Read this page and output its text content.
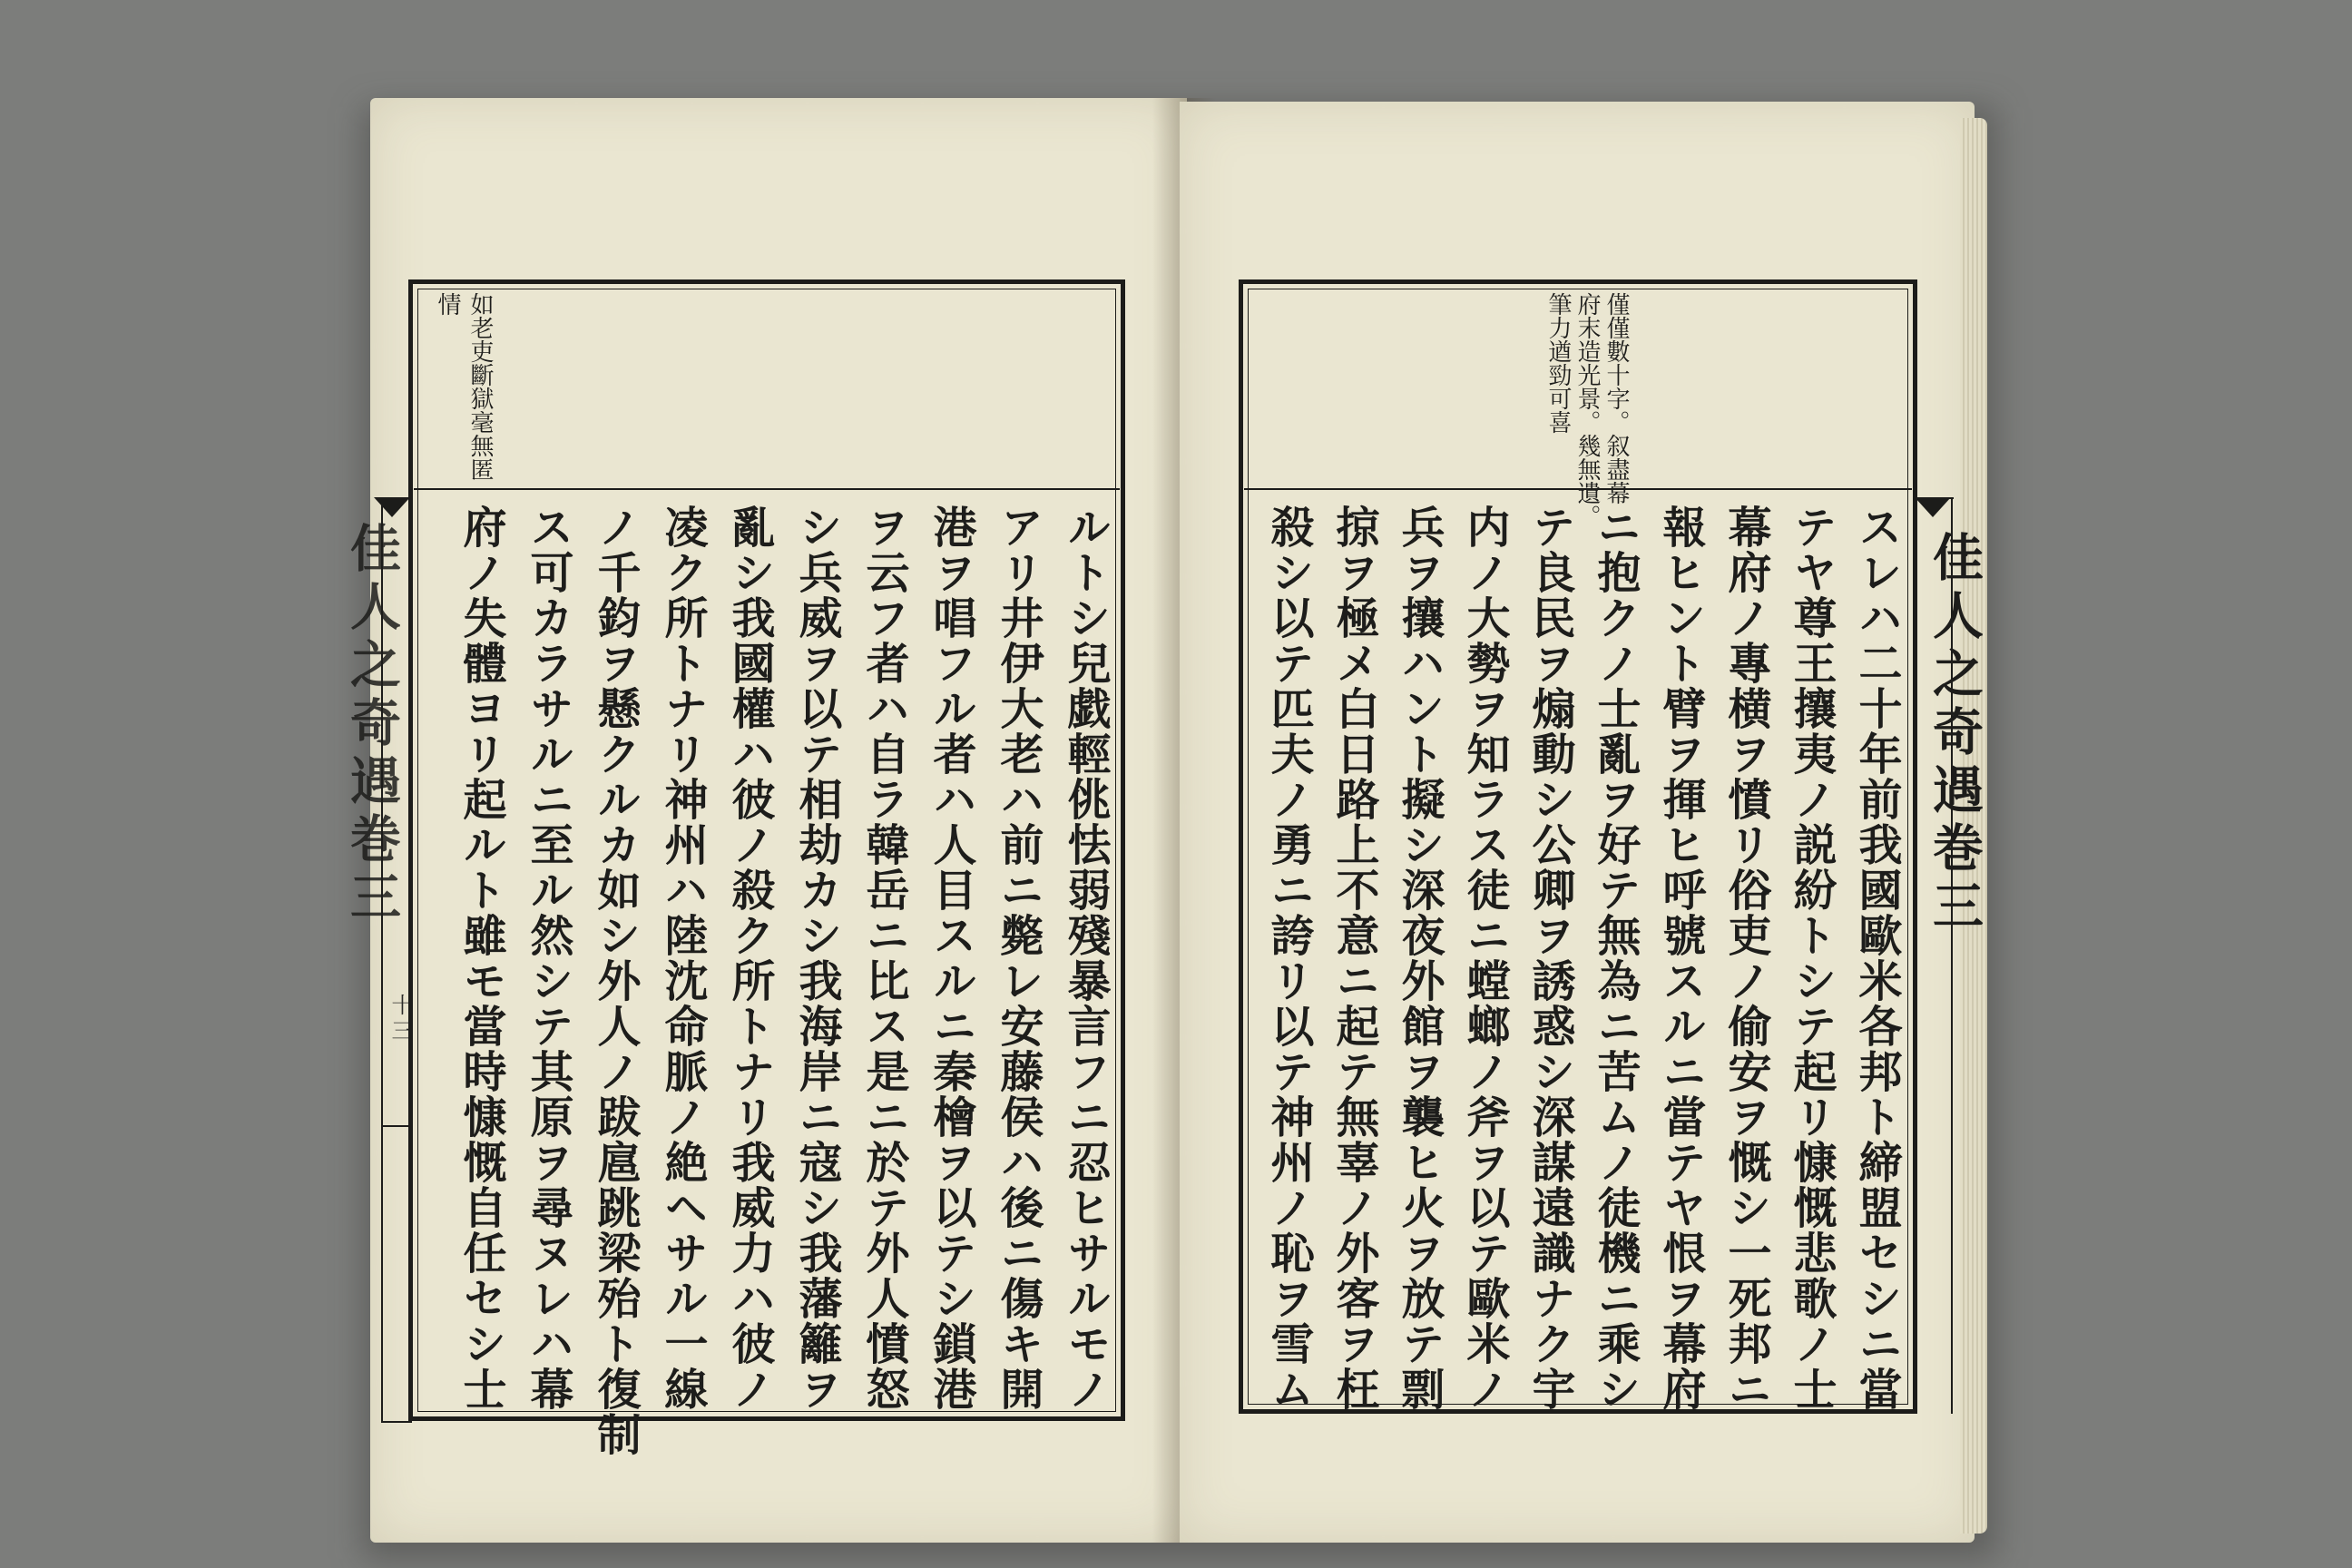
佳人之奇遇巻三
十三
如老吏斷獄毫無匿
情
ルトシ兒戯輕佻怯弱殘暴言フニ忍ヒサルモノ
アリ井伊大老ハ前ニ斃レ安藤侯ハ後ニ傷キ開
港ヲ唱フル者ハ人目スルニ秦檜ヲ以テシ鎖港
ヲ云フ者ハ自ラ韓岳ニ比ス是ニ於テ外人憤怒
シ兵威ヲ以テ相劫カシ我海岸ニ寇シ我藩籬ヲ
亂シ我國權ハ彼ノ殺ク所トナリ我威力ハ彼ノ
凌ク所トナリ神州ハ陸沈命脈ノ絶ヘサル一線
ノ千鈞ヲ懸クルカ如シ外人ノ跋扈跳梁殆ト復制
ス可カラサルニ至ル然シテ其原ヲ尋ヌレハ幕
府ノ失體ヨリ起ルト雖モ當時慷慨自任セシ士	佳人之奇遇巻三
僅僅數十字。叙盡幕
府末造光景。幾無遺。
筆力遒勁可喜
スレハ二十年前我國歐米各邦ト締盟セシニ當
テヤ尊王攘夷ノ説紛トシテ起リ慷慨悲歌ノ士
幕府ノ專横ヲ憤リ俗吏ノ偷安ヲ慨シ一死邦ニ
報ヒント臂ヲ揮ヒ呼號スルニ當テヤ恨ヲ幕府
ニ抱クノ士亂ヲ好テ無為ニ苦ムノ徒機ニ乘シ
テ良民ヲ煽動シ公卿ヲ誘惑シ深謀遠識ナク宇
内ノ大勢ヲ知ラス徒ニ螳螂ノ斧ヲ以テ歐米ノ
兵ヲ攘ハント擬シ深夜外館ヲ襲ヒ火ヲ放テ剽
掠ヲ極メ白日路上不意ニ起テ無辜ノ外客ヲ枉
殺シ以テ匹夫ノ勇ニ誇リ以テ神州ノ恥ヲ雪ム
